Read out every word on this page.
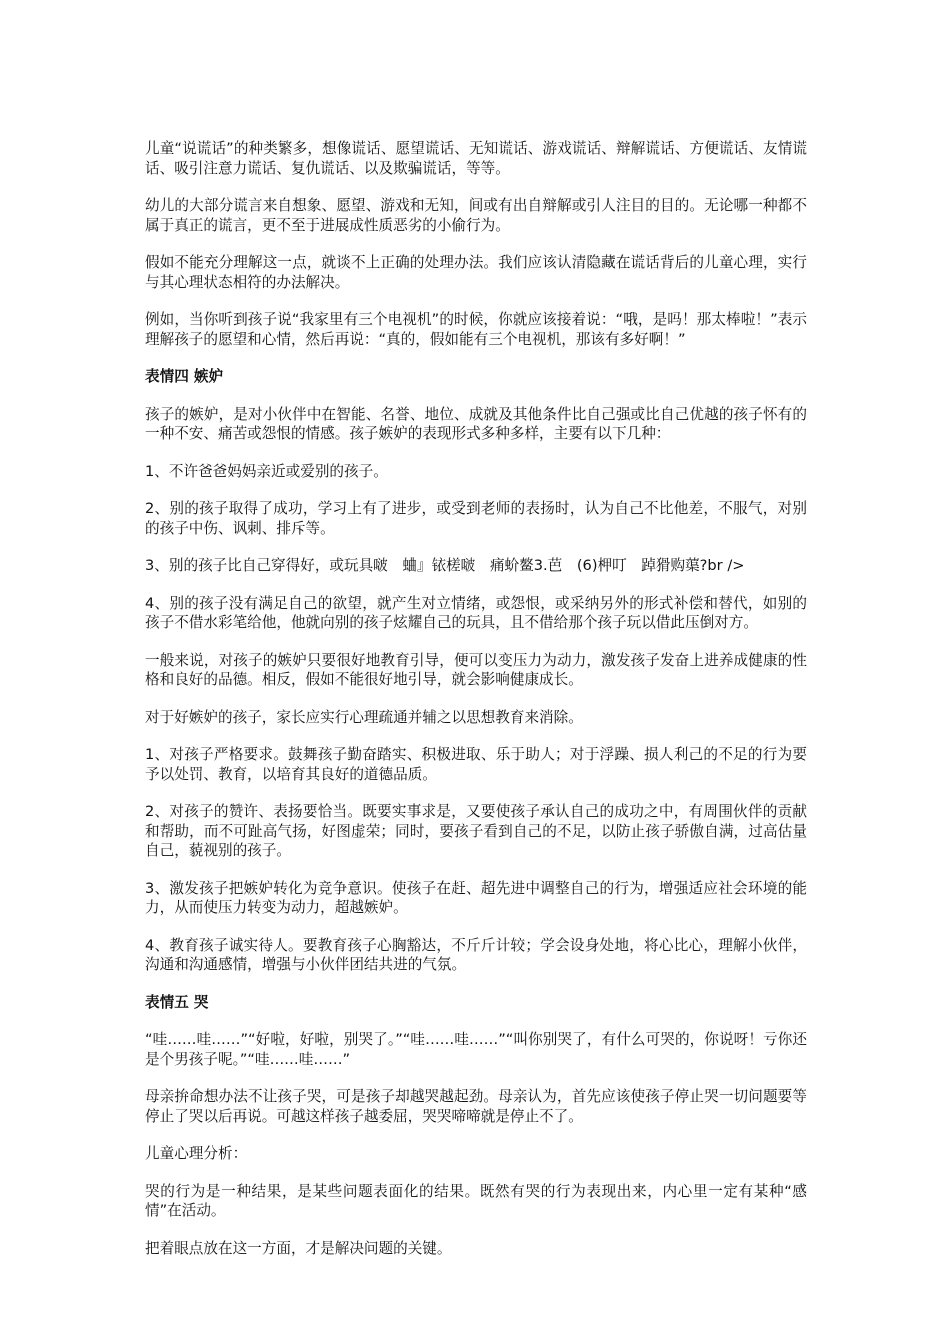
儿童“说谎话”的种类繁多，想像谎话、愿望谎话、无知谎话、游戏谎话、辩解谎话、方便谎话、友情谎话、吸引注意力谎话、复仇谎话、以及欺骗谎话，等等。

幼儿的大部分谎言来自想象、愿望、游戏和无知，间或有出自辩解或引人注目的目的。无论哪一种都不属于真正的谎言，更不至于进展成性质恶劣的小偷行为。

假如不能充分理解这一点，就谈不上正确的处理办法。我们应该认清隐藏在谎话背后的儿童心理，实行与其心理状态相符的办法解决。

例如，当你听到孩子说“我家里有三个电视机”的时候，你就应该接着说：“哦，是吗！那太棒啦！”表示理解孩子的愿望和心情，然后再说：“真的，假如能有三个电视机，那该有多好啊！”

表情四 嫉妒

孩子的嫉妒，是对小伙伴中在智能、名誉、地位、成就及其他条件比自己强或比自己优越的孩子怀有的一种不安、痛苦或怨恨的情感。孩子嫉妒的表现形式多种多样，主要有以下几种：

1、不许爸爸妈妈亲近或爱别的孩子。

2、别的孩子取得了成功，学习上有了进步，或受到老师的表扬时，认为自己不比他差，不服气，对别的孩子中伤、讽刺、排斥等。

3、别的孩子比自己穿得好，或玩具啵　蛐』铱槎啵　痛蚧鳌3.芭　(6)柙叮　踔猾购蕖?br />

4、别的孩子没有满足自己的欲望，就产生对立情绪，或怨恨，或采纳另外的形式补偿和替代，如别的孩子不借水彩笔给他，他就向别的孩子炫耀自己的玩具，且不借给那个孩子玩以借此压倒对方。

一般来说，对孩子的嫉妒只要很好地教育引导，便可以变压力为动力，激发孩子发奋上进养成健康的性格和良好的品德。相反，假如不能很好地引导，就会影响健康成长。

对于好嫉妒的孩子，家长应实行心理疏通并辅之以思想教育来消除。

1、对孩子严格要求。鼓舞孩子勤奋踏实、积极进取、乐于助人；对于浮躁、损人利己的不足的行为要予以处罚、教育，以培育其良好的道德品质。

2、对孩子的赞许、表扬要恰当。既要实事求是，又要使孩子承认自己的成功之中，有周围伙伴的贡献和帮助，而不可趾高气扬，好图虚荣；同时，要孩子看到自己的不足，以防止孩子骄傲自满，过高估量自己，藐视别的孩子。

3、激发孩子把嫉妒转化为竞争意识。使孩子在赶、超先进中调整自己的行为，增强适应社会环境的能力，从而使压力转变为动力，超越嫉妒。

4、教育孩子诚实待人。要教育孩子心胸豁达，不斤斤计较；学会设身处地，将心比心，理解小伙伴，沟通和沟通感情，增强与小伙伴团结共进的气氛。

表情五 哭

“哇……哇……”“好啦，好啦，别哭了。”“哇……哇……”“叫你别哭了，有什么可哭的，你说呀！亏你还是个男孩子呢。”“哇……哇……”

母亲拚命想办法不让孩子哭，可是孩子却越哭越起劲。母亲认为，首先应该使孩子停止哭一切问题要等停止了哭以后再说。可越这样孩子越委屈，哭哭啼啼就是停止不了。

儿童心理分析：

哭的行为是一种结果，是某些问题表面化的结果。既然有哭的行为表现出来，内心里一定有某种“感情”在活动。

把着眼点放在这一方面，才是解决问题的关键。
